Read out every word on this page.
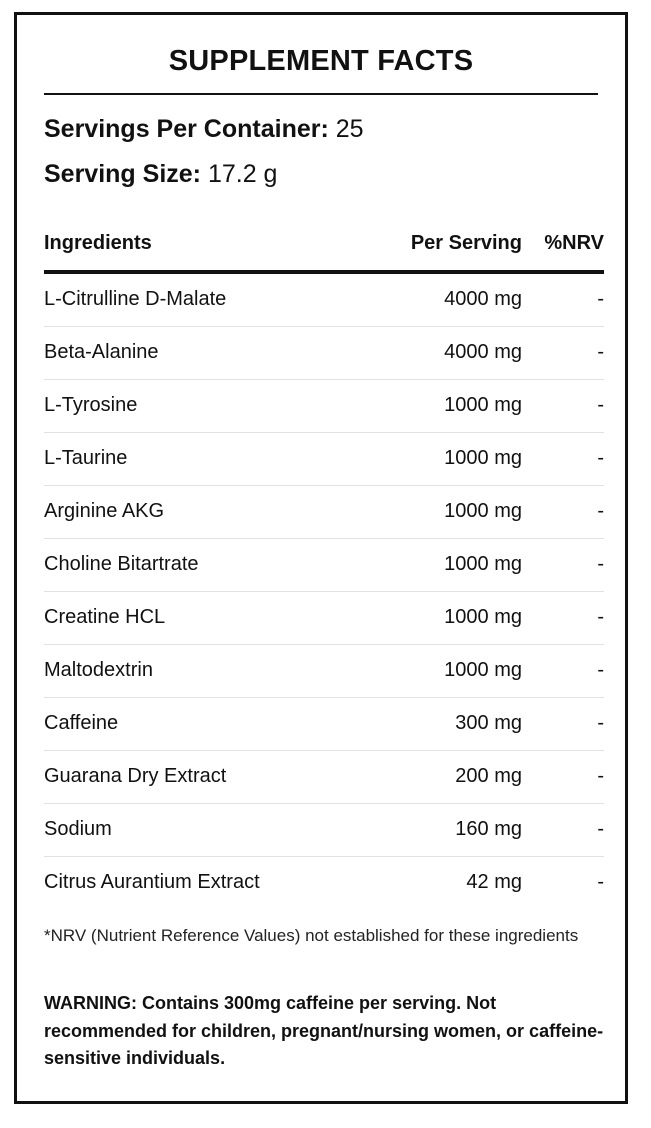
SUPPLEMENT FACTS
Servings Per Container: 25
Serving Size: 17.2 g
Ingredients	Per Serving %NRV
L-Citrulline D-Malate	4000 mg	-
Beta-Alanine	4000 mg	-
L-Tyrosine	1000 mg	-
L-Taurine	1000 mg	-
Arginine AKG	1000 mg	-
Choline Bitartrate	1000 mg	-
Creatine HCL	1000 mg	-
Maltodextrin	1000 mg	-
Caffeine	300 mg	-
Guarana Dry Extract	200 mg	-
Sodium	160 mg	-
Citrus Aurantium Extract	42 mg	-
*NRV (Nutrient Reference Values) not established for these ingredients
WARNING: Contains 300mg caffeine per serving. Not recommended for children, pregnant/nursing women, or caffeine-sensitive individuals.
